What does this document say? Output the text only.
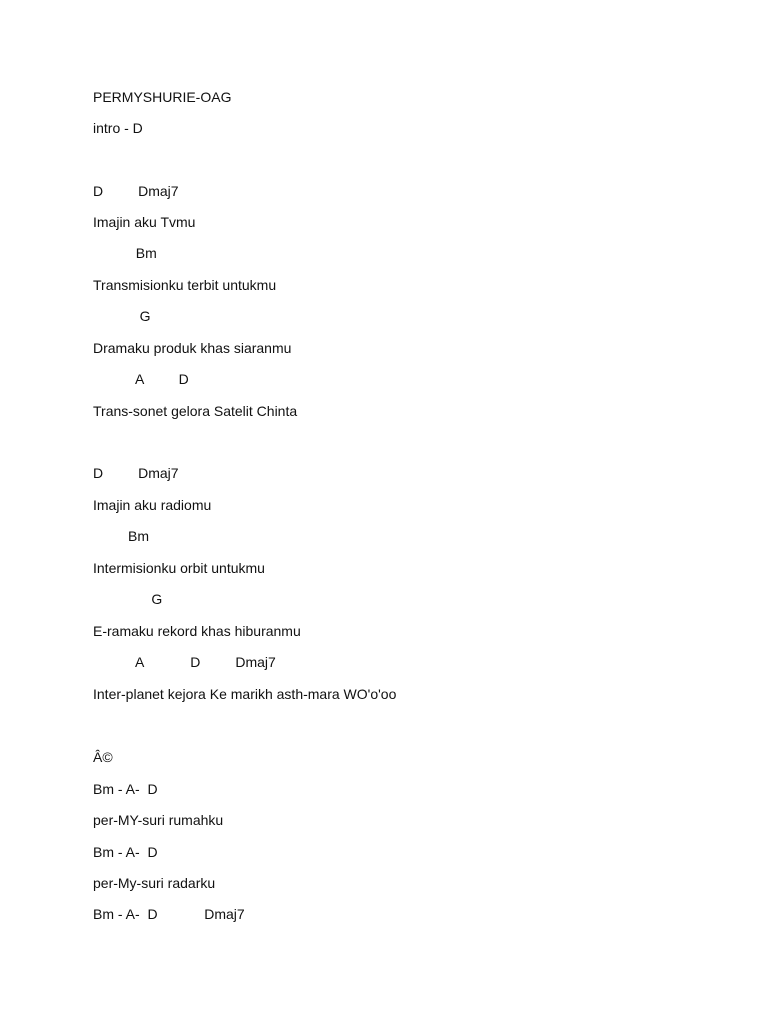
PERMYSHURIE-OAG
intro - D
D         Dmaj7
Imajin aku Tvmu
Bm
Transmisionku terbit untukmu
G
Dramaku produk khas siaranmu
A         D
Trans-sonet gelora Satelit Chinta
D         Dmaj7
Imajin aku radiomu
Bm
Intermisionku orbit untukmu
G
E-ramaku rekord khas hiburanmu
A            D         Dmaj7
Inter-planet kejora Ke marikh asth-mara WO'o'oo
Â©
Bm - A-  D
per-MY-suri rumahku
Bm - A-  D
per-My-suri radarku
Bm - A-  D            Dmaj7
